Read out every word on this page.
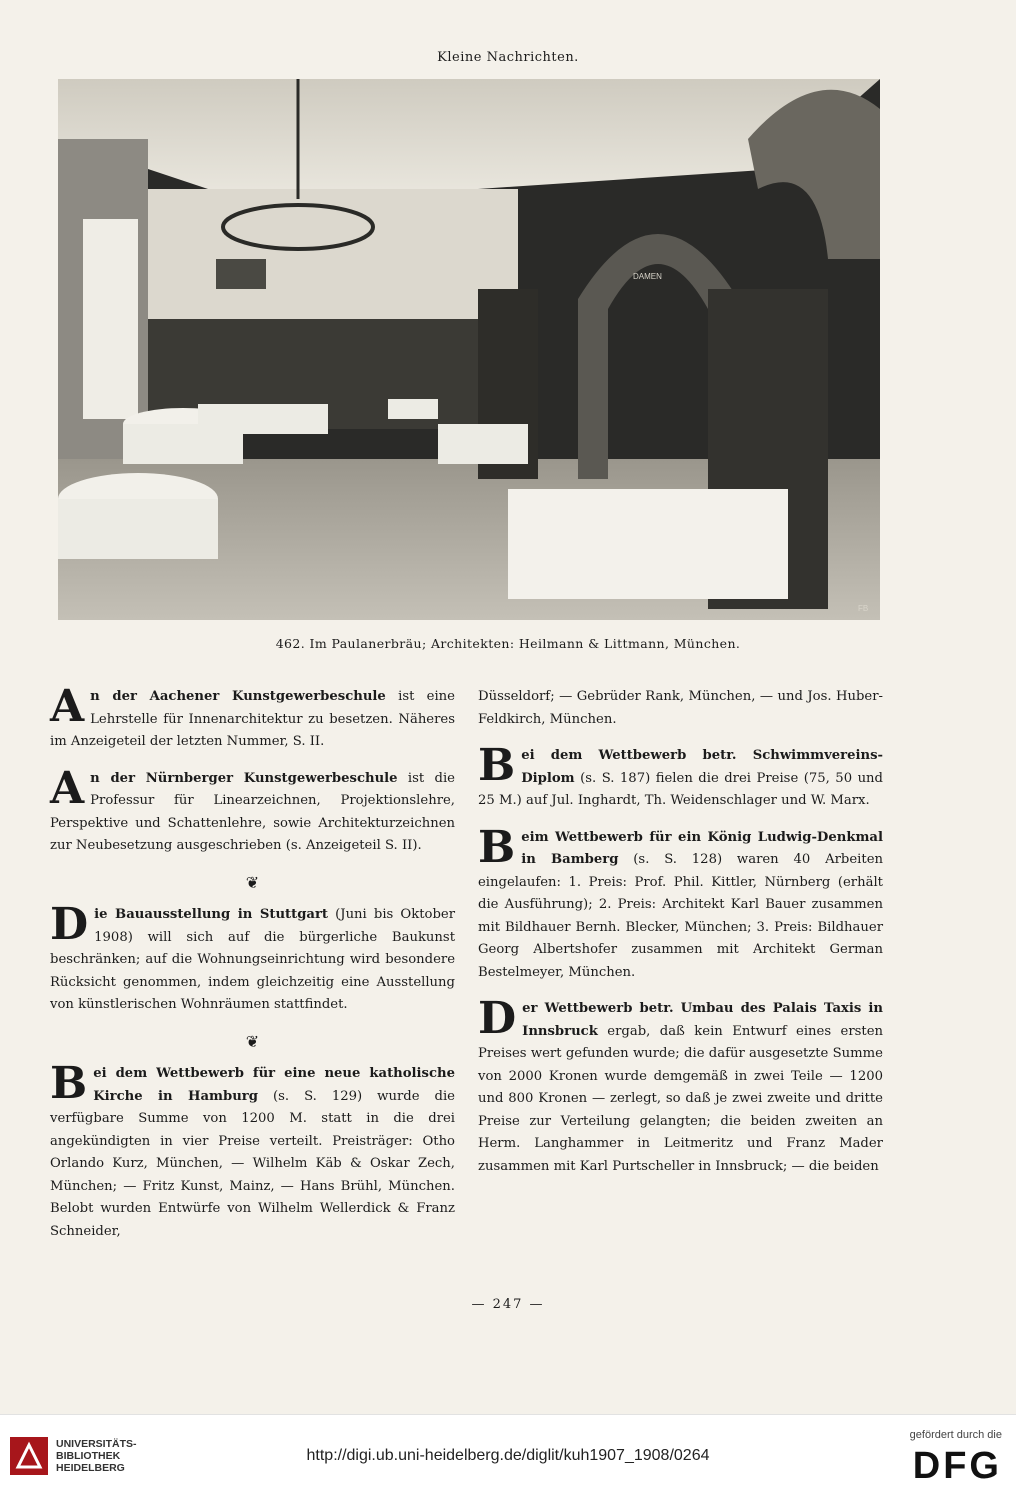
Kleine Nachrichten.
DAMEN
FB
462. Im Paulanerbräu; Architekten: Heilmann & Littmann, München.

An der Aachener Kunstgewerbeschule ist eine Lehrstelle für Innenarchitektur zu besetzen. Näheres im Anzeigeteil der letzten Nummer, S. II.

An der Nürnberger Kunstgewerbeschule ist die Professur für Linearzeichnen, Projektionslehre, Perspektive und Schattenlehre, sowie Architekturzeichnen zur Neubesetzung ausgeschrieben (s. Anzeigeteil S. II).

❦

Die Bauausstellung in Stuttgart (Juni bis Oktober 1908) will sich auf die bürgerliche Baukunst beschränken; auf die Wohnungseinrichtung wird besondere Rücksicht genommen, indem gleichzeitig eine Ausstellung von künstlerischen Wohnräumen stattfindet.

❦

Bei dem Wettbewerb für eine neue katholische Kirche in Hamburg (s. S. 129) wurde die verfügbare Summe von 1200 M. statt in die drei angekündigten in vier Preise verteilt. Preisträger: Otho Orlando Kurz, München, — Wilhelm Käb & Oskar Zech, München; — Fritz Kunst, Mainz, — Hans Brühl, München. Belobt wurden Entwürfe von Wilhelm Wellerdick & Franz Schneider,

Düsseldorf; — Gebrüder Rank, München, — und Jos. Huber-Feldkirch, München.

Bei dem Wettbewerb betr. Schwimmvereins-Diplom (s. S. 187) fielen die drei Preise (75, 50 und 25 M.) auf Jul. Inghardt, Th. Weidenschlager und W. Marx.

Beim Wettbewerb für ein König Ludwig-Denkmal in Bamberg (s. S. 128) waren 40 Arbeiten eingelaufen: 1. Preis: Prof. Phil. Kittler, Nürnberg (erhält die Ausführung); 2. Preis: Architekt Karl Bauer zusammen mit Bildhauer Bernh. Blecker, München; 3. Preis: Bildhauer Georg Albertshofer zusammen mit Architekt German Bestelmeyer, München.

Der Wettbewerb betr. Umbau des Palais Taxis in Innsbruck ergab, daß kein Entwurf eines ersten Preises wert gefunden wurde; die dafür ausgesetzte Summe von 2000 Kronen wurde demgemäß in zwei Teile — 1200 und 800 Kronen — zerlegt, so daß je zwei zweite und dritte Preise zur Verteilung gelangten; die beiden zweiten an Herm. Langhammer in Leitmeritz und Franz Mader zusammen mit Karl Purtscheller in Innsbruck; — die beiden

— 247 —
UNIVERSITÄTS-
BIBLIOTHEK
HEIDELBERG
http://digi.ub.uni-heidelberg.de/diglit/kuh1907_1908/0264
gefördert durch die
DFG
